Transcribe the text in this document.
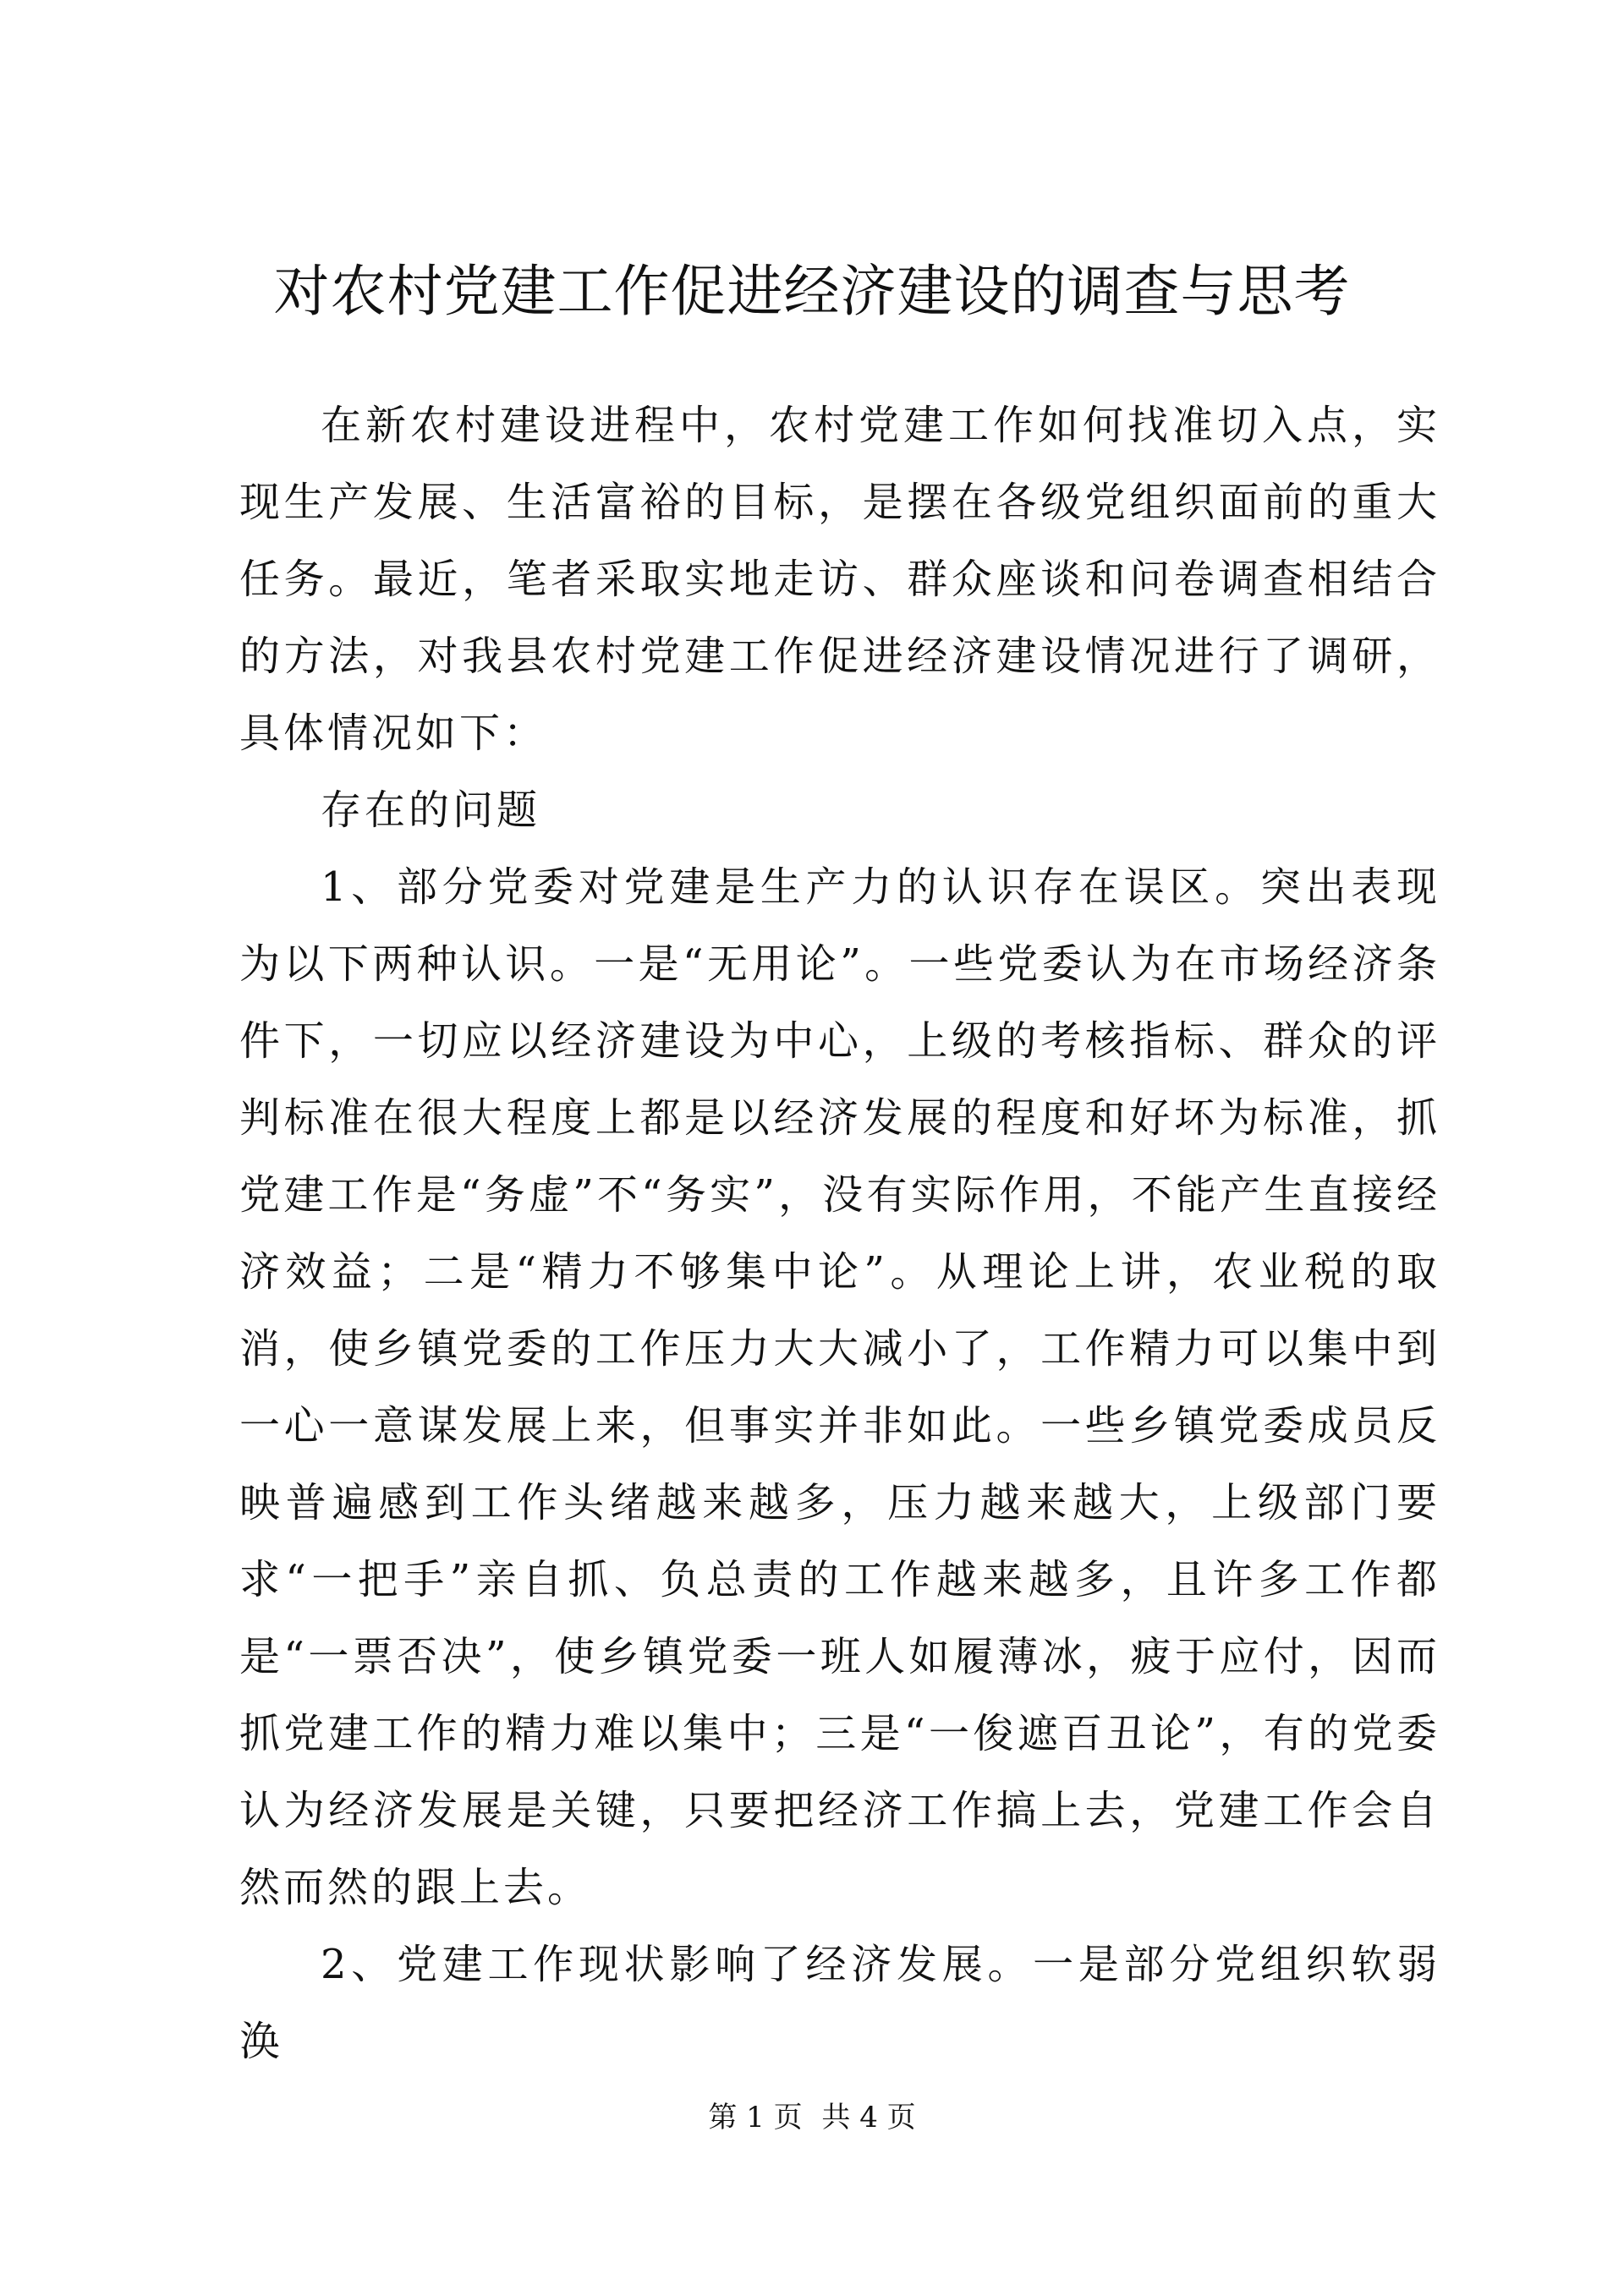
对农村党建工作促进经济建设的调查与思考

在新农村建设进程中，农村党建工作如何找准切入点，实现生产发展、生活富裕的目标，是摆在各级党组织面前的重大任务。最近，笔者采取实地走访、群众座谈和问卷调查相结合的方法，对我县农村党建工作促进经济建设情况进行了调研，具体情况如下：

存在的问题

1、部分党委对党建是生产力的认识存在误区。突出表现为以下两种认识。一是“无用论”。一些党委认为在市场经济条件下，一切应以经济建设为中心，上级的考核指标、群众的评判标准在很大程度上都是以经济发展的程度和好坏为标准，抓党建工作是“务虚”不“务实”，没有实际作用，不能产生直接经济效益；二是“精力不够集中论”。从理论上讲，农业税的取消，使乡镇党委的工作压力大大减小了，工作精力可以集中到一心一意谋发展上来，但事实并非如此。一些乡镇党委成员反映普遍感到工作头绪越来越多，压力越来越大，上级部门要求“一把手”亲自抓、负总责的工作越来越多，且许多工作都是“一票否决”，使乡镇党委一班人如履薄冰，疲于应付，因而抓党建工作的精力难以集中；三是“一俊遮百丑论”，有的党委认为经济发展是关键，只要把经济工作搞上去，党建工作会自然而然的跟上去。

2、党建工作现状影响了经济发展。一是部分党组织软弱涣

第 1 页 共 4 页
